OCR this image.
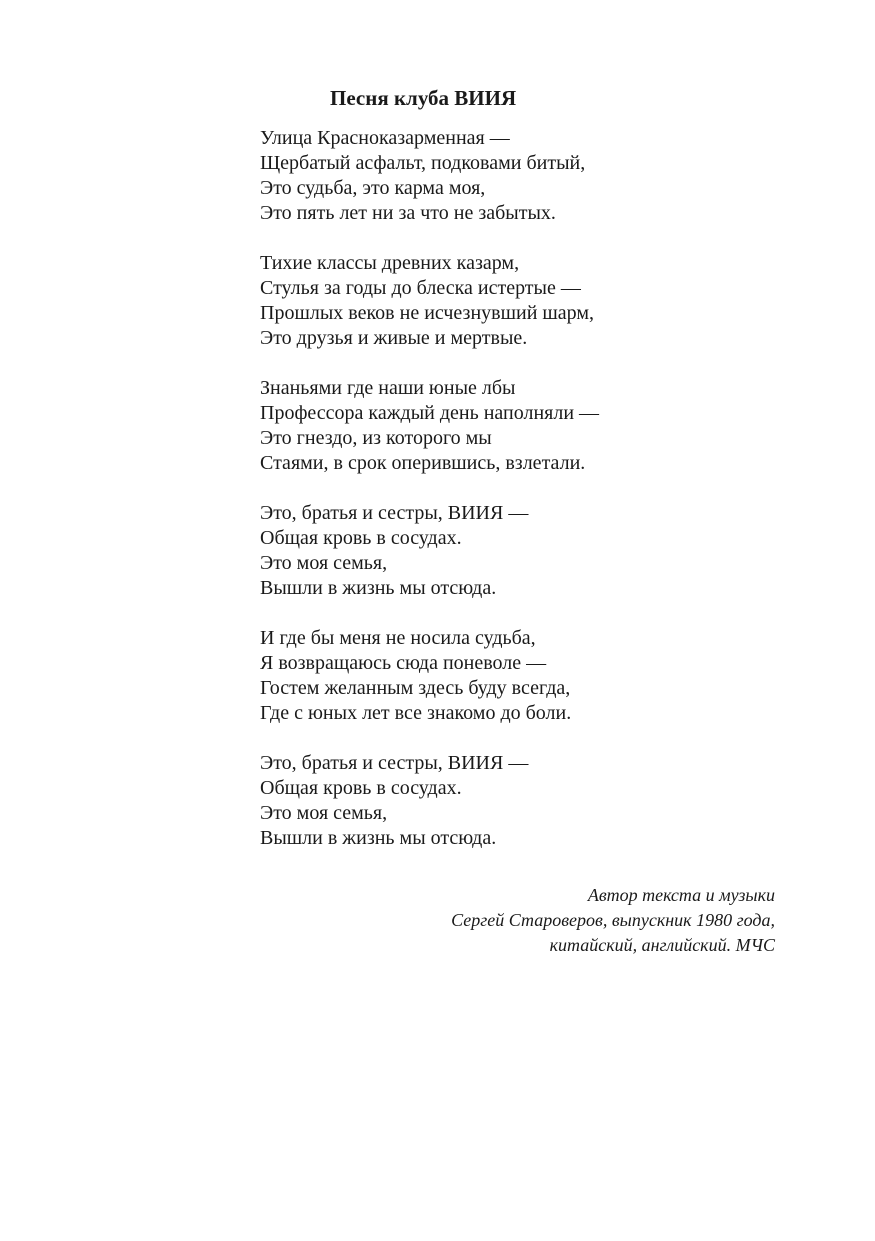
Песня клуба ВИИЯ
Улица Красноказарменная —
Щербатый асфальт, подковами битый,
Это судьба, это карма моя,
Это пять лет ни за что не забытых.
Тихие классы древних казарм,
Стулья за годы до блеска истертые —
Прошлых веков не исчезнувший шарм,
Это друзья и живые и мертвые.
Знаньями где наши юные лбы
Профессора каждый день наполняли —
Это гнездо, из которого мы
Стаями, в срок оперившись, взлетали.
Это, братья и сестры, ВИИЯ —
Общая кровь в сосудах.
Это моя семья,
Вышли в жизнь мы отсюда.
И где бы меня не носила судьба,
Я возвращаюсь сюда поневоле —
Гостем желанным здесь буду всегда,
Где с юных лет все знакомо до боли.
Это, братья и сестры, ВИИЯ —
Общая кровь в сосудах.
Это моя семья,
Вышли в жизнь мы отсюда.
Автор текста и музыки
Сергей Староверов, выпускник 1980 года,
китайский, английский. МЧС
